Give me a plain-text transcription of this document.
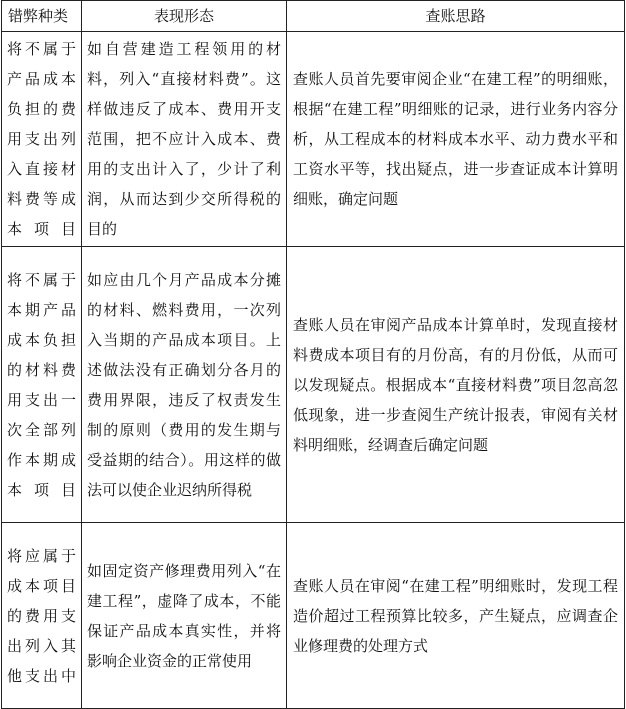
错弊种类	表现形态	查账思路
将不属于产品成本负担的费用支出列入直接材料费等成本项目	如自营建造工程领用的材料，列入“直接材料费”。这样做违反了成本、费用开支范围，把不应计入成本、费用的支出计入了，少计了利润，从而达到少交所得税的目的	查账人员首先要审阅企业“在建工程”的明细账，根据“在建工程”明细账的记录，进行业务内容分析，从工程成本的材料成本水平、动力费水平和工资水平等，找出疑点，进一步查证成本计算明细账，确定问题
将不属于本期产品成本负担的材料费用支出一次全部列作本期成本项目	如应由几个月产品成本分摊的材料、燃料费用，一次列入当期的产品成本项目。上述做法没有正确划分各月的费用界限，违反了权责发生制的原则（费用的发生期与受益期的结合）。用这样的做法可以使企业迟纳所得税	查账人员在审阅产品成本计算单时，发现直接材料费成本项目有的月份高，有的月份低，从而可以发现疑点。根据成本“直接材料费”项目忽高忽低现象，进一步查阅生产统计报表，审阅有关材料明细账，经调查后确定问题
将应属于成本项目的费用支出列入其他支出中	如固定资产修理费用列入“在建工程”，虚降了成本，不能保证产品成本真实性，并将影响企业资金的正常使用	查账人员在审阅“在建工程”明细账时，发现工程造价超过工程预算比较多，产生疑点，应调查企业修理费的处理方式
